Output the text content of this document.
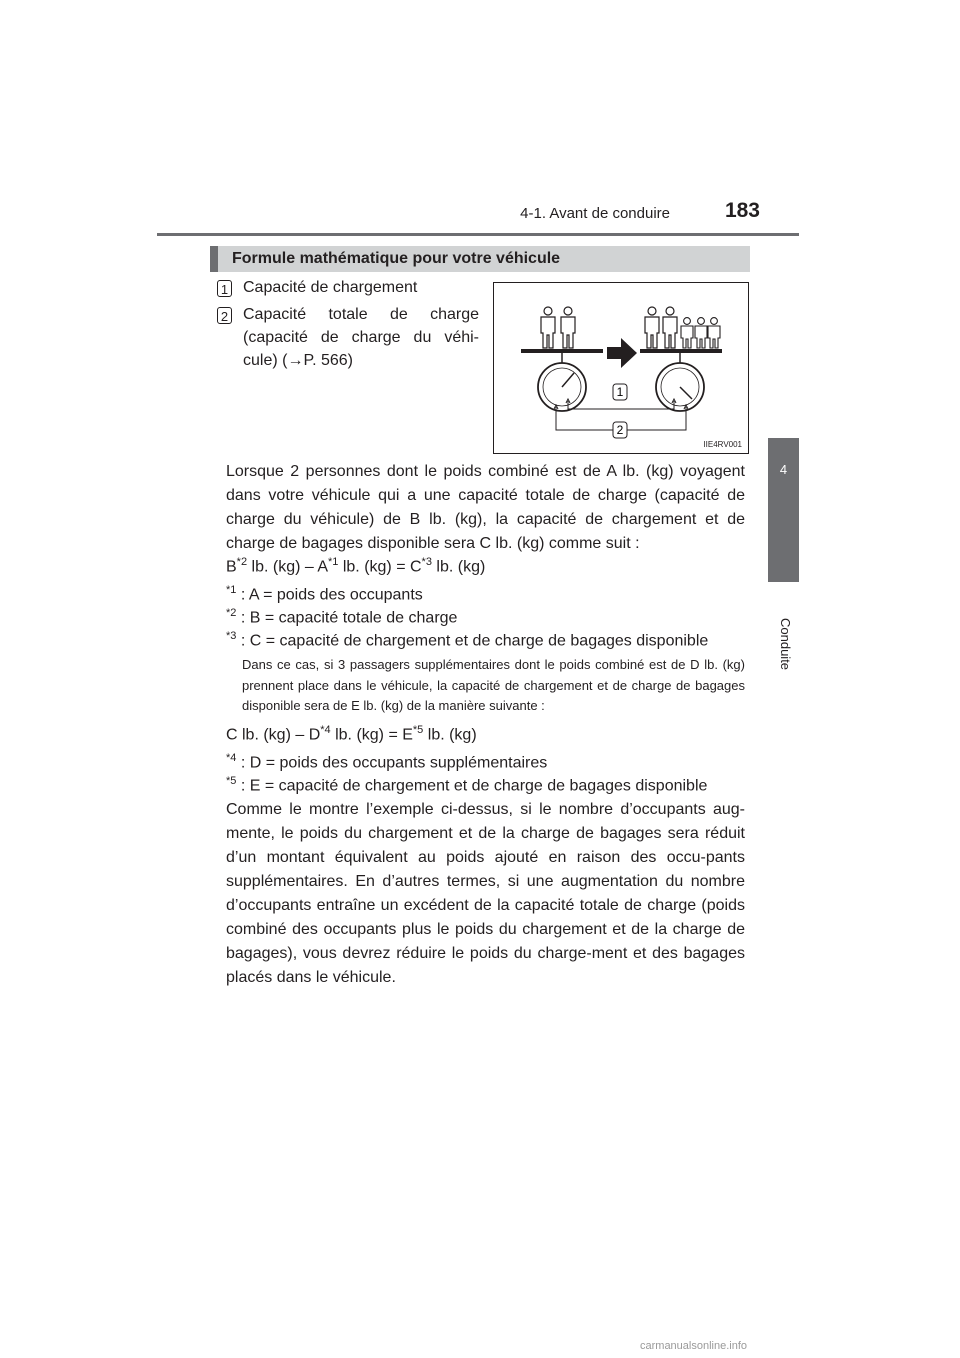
4-1. Avant de conduire	183
4
Conduite
Formule mathématique pour votre véhicule
1 Capacité de chargement
2 Capacité totale de charge (capacité de charge du véhi-cule) (→P. 566)
1
2
IIE4RV001
Lorsque 2 personnes dont le poids combiné est de A lb. (kg) voyagent dans votre véhicule qui a une capacité totale de charge (capacité de charge du véhicule) de B lb. (kg), la capacité de chargement et de charge de bagages disponible sera C lb. (kg) comme suit :
$B^{*2}$ lb. $(kg) - A^{*1}$ lb. $(kg) = C^{*3}$ lb. (kg)
$^{*1}$ : A = poids des occupants
$^{*2}$ : B = capacité totale de charge
$^{*3}$ : C = capacité de chargement et de charge de bagages disponible
Dans ce cas, si 3 passagers supplémentaires dont le poids combiné est de D lb. (kg) prennent place dans le véhicule, la capacité de chargement et de charge de bagages disponible sera de E lb. (kg) de la manière suivante :
C lb. $(kg) - D^{*4}$ lb. $(kg) = E^{*5}$ lb. (kg)
$^{*4}$ : D = poids des occupants supplémentaires
$^{*5}$ : E = capacité de chargement et de charge de bagages disponible
Comme le montre l’exemple ci-dessus, si le nombre d’occupants aug-mente, le poids du chargement et de la charge de bagages sera réduit d’un montant équivalent au poids ajouté en raison des occu-pants supplémentaires. En d’autres termes, si une augmentation du nombre d’occupants entraîne un excédent de la capacité totale de charge (poids combiné des occupants plus le poids du chargement et de la charge de bagages), vous devrez réduire le poids du charge-ment et des bagages placés dans le véhicule.
carmanualsonline.info
